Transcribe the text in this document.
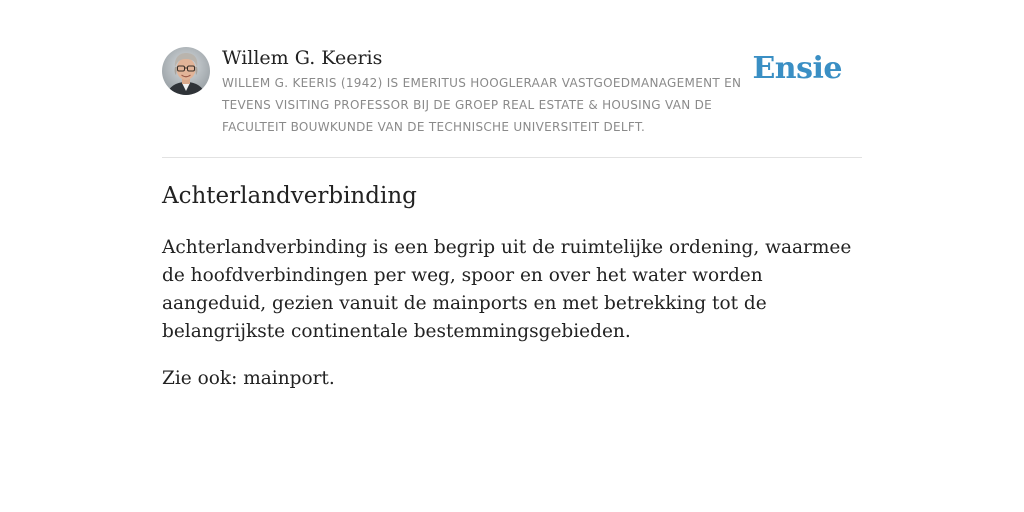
Willem G. Keeris

WILLEM G. KEERIS (1942) IS EMERITUS HOOGLERAAR VASTGOEDMANAGEMENT EN TEVENS VISITING PROFESSOR BIJ DE GROEP REAL ESTATE & HOUSING VAN DE FACULTEIT BOUWKUNDE VAN DE TECHNISCHE UNIVERSITEIT DELFT.

Ensie
Achterlandverbinding

Achterlandverbinding is een begrip uit de ruimtelijke ordening, waarmee de hoofdverbindingen per weg, spoor en over het water worden aangeduid, gezien vanuit de mainports en met betrekking tot de belangrijkste continentale bestemmingsgebieden.

Zie ook: mainport.
